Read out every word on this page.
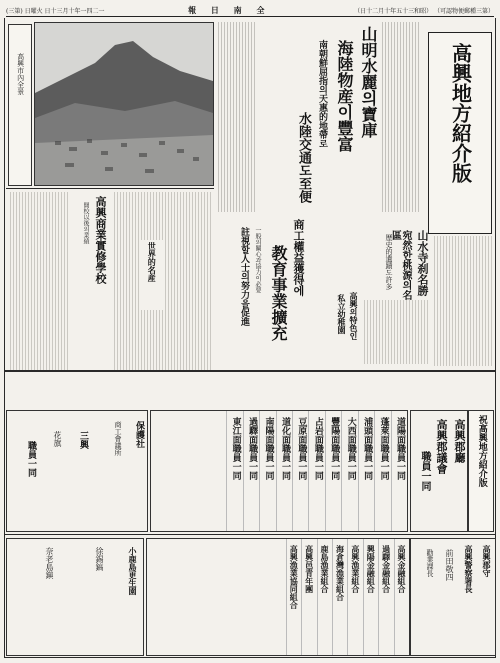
(三第) 日曜火 日十三月十年一四二一	報 日 南 全	（日十二月十年五十三和昭） （可認物便郵種三第）
高興市內全景	山明水麗의寶庫
海陸物産이豐富
南朝鮮屈指의天惠的地帶로
水陸交通도至便	高興地方紹介版
高興商業實修學校
開校以後의業績
世界的名産	商工權益獲得에
教育事業擴充
一般의關心과協力이必要
註視할人士의努力을促進	山水寺刹名勝
宛然한桃源의名區
歷史的遺蹟도許多
高興의特色인
私立幼稚園
祝高興地方紹介版
高興郡廳
高興郡議會
職員一同
道陽面職員一同
蓬萊面職員一同
浦頭面職員一同
大西面職員一同
豐陽面職員一同
占岩面職員一同
豆原面職員一同
道化面職員一同
南陽面職員一同
過驛面職員一同
東江面職員一同
保護社
商工會議所
三興
花旗
職員一同
高興金融組合
過驛金融組合
興陽金融組合
高興漁業組合
海倉灣漁業組合
鹿島漁業組合
高興邑青年團
高興漁業協同組合	高興郡守
高興警察署長
前田敬四
勸業課長
小鹿島更生園
徐錫鎬
奈老島鎭
